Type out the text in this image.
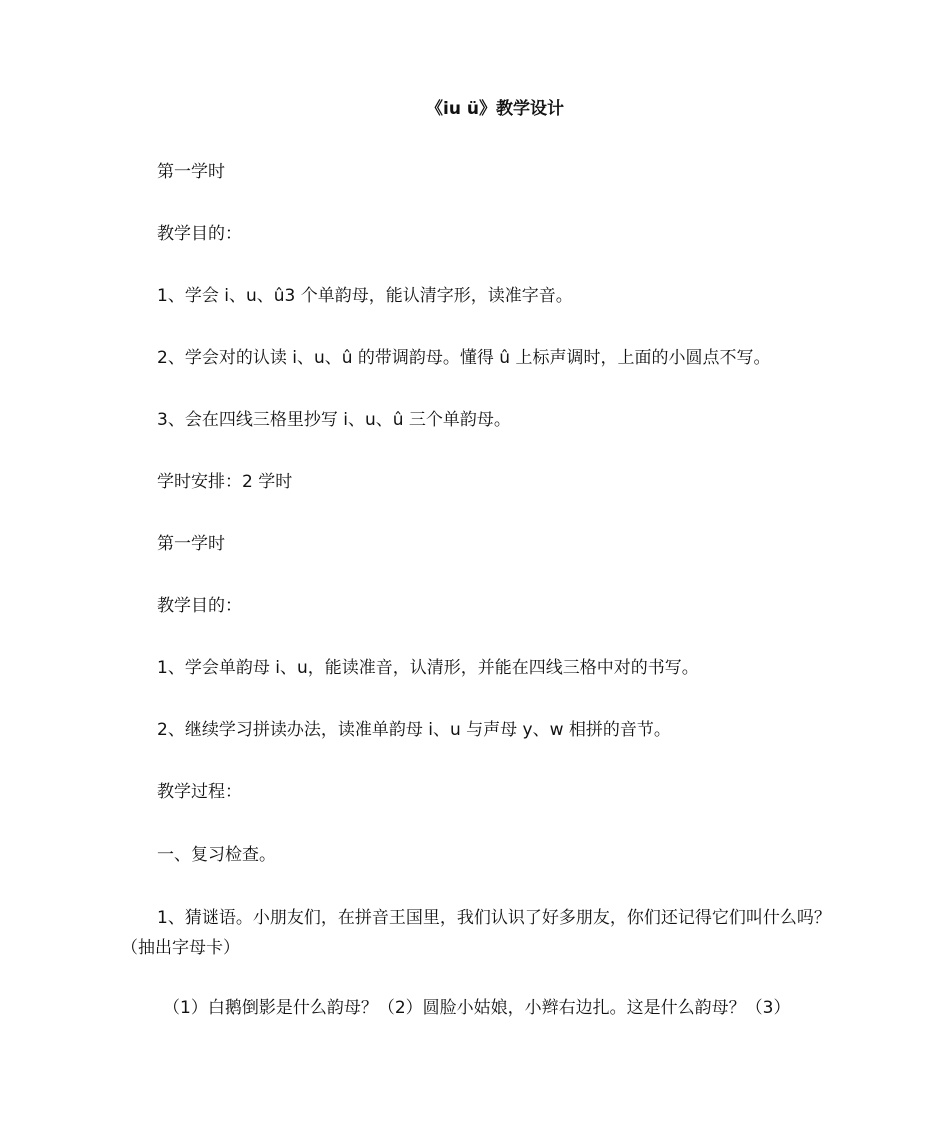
《iu ü》教学设计
第一学时
教学目的：
1、学会 i、u、û3 个单韵母，能认清字形，读准字音。
2、学会对的认读 i、u、û 的带调韵母。懂得 û 上标声调时，上面的小圆点不写。
3、会在四线三格里抄写 i、u、û 三个单韵母。
学时安排：2 学时
第一学时
教学目的：
1、学会单韵母 i、u，能读准音，认清形，并能在四线三格中对的书写。
2、继续学习拼读办法，读准单韵母 i、u 与声母 y、w 相拼的音节。
教学过程：
一、复习检查。
1、猜谜语。小朋友们，在拼音王国里，我们认识了好多朋友，你们还记得它们叫什么吗？（抽出字母卡）
（1）白鹅倒影是什么韵母？（2）圆脸小姑娘，小辫右边扎。这是什么韵母？（3）
